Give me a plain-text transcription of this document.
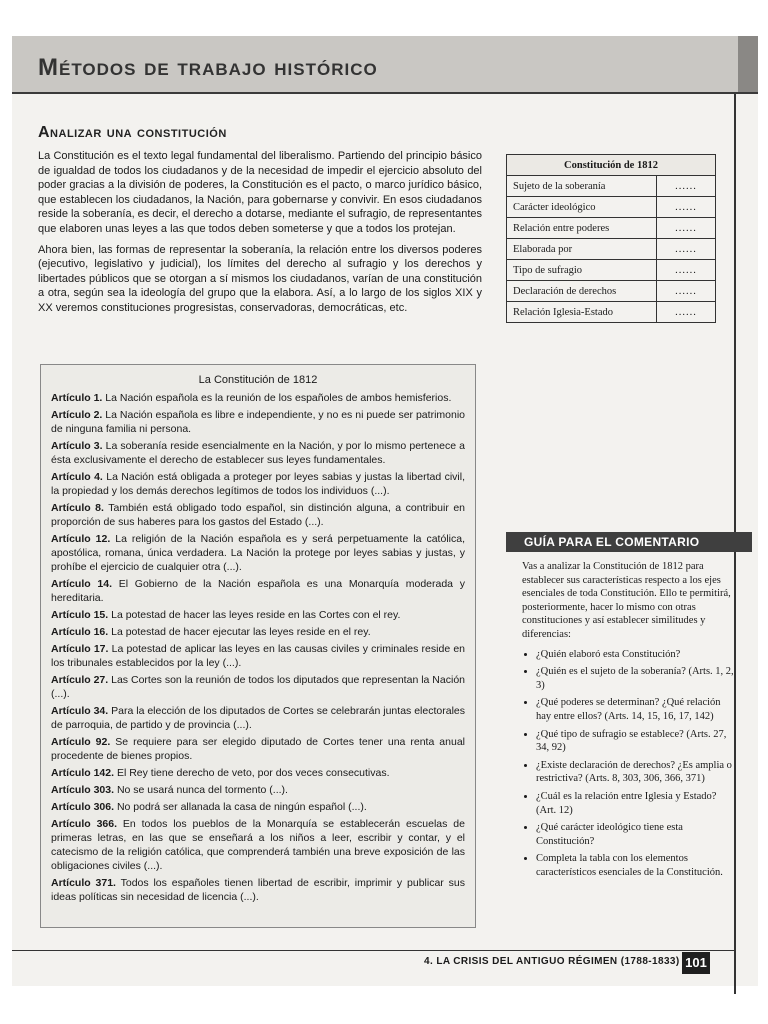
Métodos de trabajo histórico
Analizar una constitución

La Constitución es el texto legal fundamental del liberalismo. Partiendo del principio básico de igualdad de todos los ciudadanos y de la necesidad de impedir el ejercicio absoluto del poder gracias a la división de poderes, la Constitución es el pacto, o marco jurídico básico, que establecen los ciudadanos, la Nación, para gobernarse y convivir. En esos ciudadanos reside la soberanía, es decir, el derecho a dotarse, mediante el sufragio, de representantes que elaboren unas leyes a las que todos deben someterse y que a todos los protejan.

Ahora bien, las formas de representar la soberanía, la relación entre los diversos poderes (ejecutivo, legislativo y judicial), los límites del derecho al sufragio y los derechos y libertades públicos que se otorgan a sí mismos los ciudadanos, varían de una constitución a otra, según sea la ideología del grupo que la elabora. Así, a lo largo de los siglos XIX y XX veremos constituciones progresistas, conservadoras, democráticas, etc.

Constitución de 1812	
Sujeto de la soberanía	......
Carácter ideológico	......
Relación entre poderes	......
Elaborada por	......
Tipo de sufragio	......
Declaración de derechos	......
Relación Iglesia-Estado	......
La Constitución de 1812

Artículo 1. La Nación española es la reunión de los españoles de ambos hemisferios.

Artículo 2. La Nación española es libre e independiente, y no es ni puede ser patrimonio de ninguna familia ni persona.

Artículo 3. La soberanía reside esencialmente en la Nación, y por lo mismo pertenece a ésta exclusivamente el derecho de establecer sus leyes fundamentales.

Artículo 4. La Nación está obligada a proteger por leyes sabias y justas la libertad civil, la propiedad y los demás derechos legítimos de todos los individuos (...).

Artículo 8. También está obligado todo español, sin distinción alguna, a contribuir en proporción de sus haberes para los gastos del Estado (...).

Artículo 12. La religión de la Nación española es y será perpetuamente la católica, apostólica, romana, única verdadera. La Nación la protege por leyes sabias y justas, y prohíbe el ejercicio de cualquier otra (...).

Artículo 14. El Gobierno de la Nación española es una Monarquía moderada y hereditaria.

Artículo 15. La potestad de hacer las leyes reside en las Cortes con el rey.

Artículo 16. La potestad de hacer ejecutar las leyes reside en el rey.

Artículo 17. La potestad de aplicar las leyes en las causas civiles y criminales reside en los tribunales establecidos por la ley (...).

Artículo 27. Las Cortes son la reunión de todos los diputados que representan la Nación (...).

Artículo 34. Para la elección de los diputados de Cortes se celebrarán juntas electorales de parroquia, de partido y de provincia (...).

Artículo 92. Se requiere para ser elegido diputado de Cortes tener una renta anual procedente de bienes propios.

Artículo 142. El Rey tiene derecho de veto, por dos veces consecutivas.

Artículo 303. No se usará nunca del tormento (...).

Artículo 306. No podrá ser allanada la casa de ningún español (...).

Artículo 366. En todos los pueblos de la Monarquía se establecerán escuelas de primeras letras, en las que se enseñará a los niños a leer, escribir y contar, y el catecismo de la religión católica, que comprenderá también una breve exposición de las obligaciones civiles (...).

Artículo 371. Todos los españoles tienen libertad de escribir, imprimir y publicar sus ideas políticas sin necesidad de licencia (...).

GUÍA PARA EL COMENTARIO

Vas a analizar la Constitución de 1812 para establecer sus características respecto a los ejes esenciales de toda Constitución. Ello te permitirá, posteriormente, hacer lo mismo con otras constituciones y así establecer similitudes y diferencias:

• ¿Quién elaboró esta Constitución?
• ¿Quién es el sujeto de la soberanía? (Arts. 1, 2, 3)
• ¿Qué poderes se determinan? ¿Qué relación hay entre ellos? (Arts. 14, 15, 16, 17, 142)
• ¿Qué tipo de sufragio se establece? (Arts. 27, 34, 92)
• ¿Existe declaración de derechos? ¿Es amplia o restrictiva? (Arts. 8, 303, 306, 366, 371)
• ¿Cuál es la relación entre Iglesia y Estado? (Art. 12)
• ¿Qué carácter ideológico tiene esta Constitución?
• Completa la tabla con los elementos característicos esenciales de la Constitución.
4. LA CRISIS DEL ANTIGUO RÉGIMEN (1788-1833) 101
